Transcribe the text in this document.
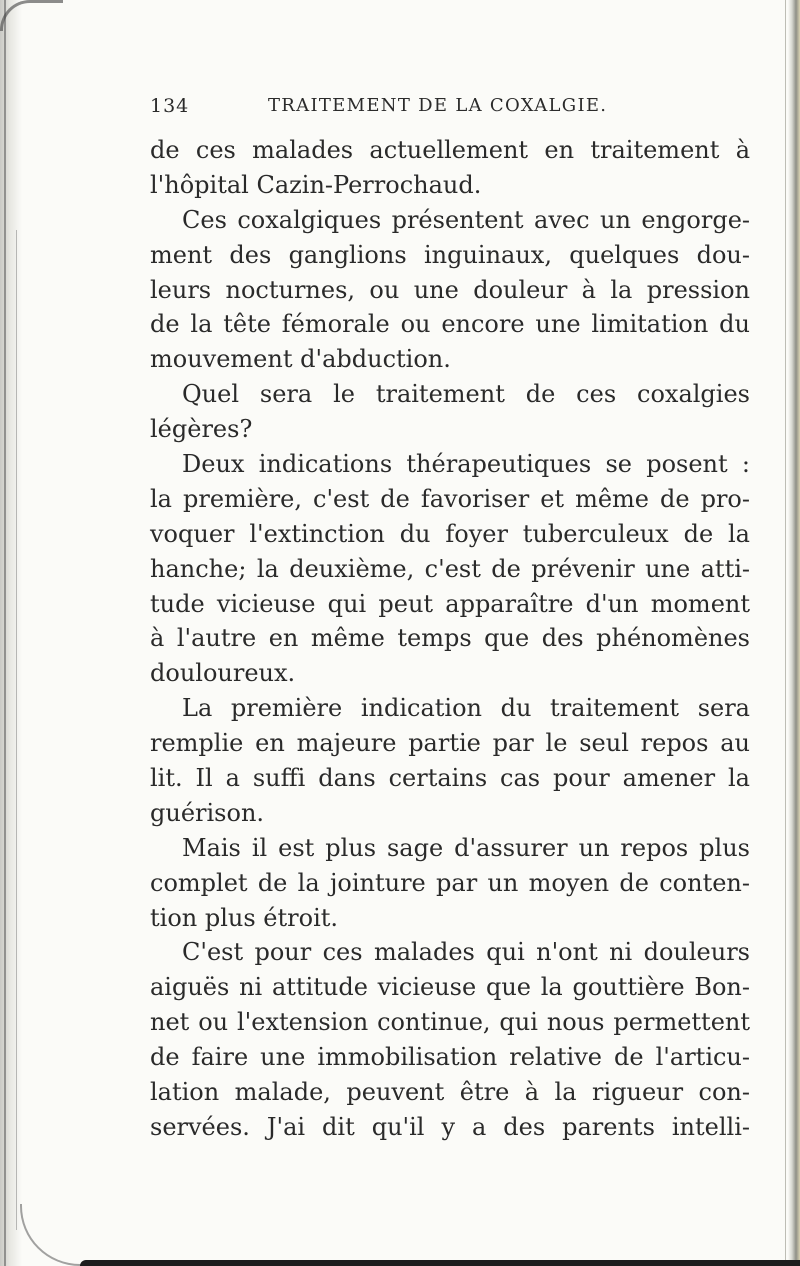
134	TRAITEMENT DE LA COXALGIE.
de ces malades actuellement en traitement à
l'hôpital Cazin-Perrochaud.
Ces coxalgiques présentent avec un engorge-
ment des ganglions inguinaux, quelques dou-
leurs nocturnes, ou une douleur à la pression
de la tête fémorale ou encore une limitation du
mouvement d'abduction.
Quel sera le traitement de ces coxalgies
légères?
Deux indications thérapeutiques se posent :
la première, c'est de favoriser et même de pro-
voquer l'extinction du foyer tuberculeux de la
hanche; la deuxième, c'est de prévenir une atti-
tude vicieuse qui peut apparaître d'un moment
à l'autre en même temps que des phénomènes
douloureux.
La première indication du traitement sera
remplie en majeure partie par le seul repos au
lit. Il a suffi dans certains cas pour amener la
guérison.
Mais il est plus sage d'assurer un repos plus
complet de la jointure par un moyen de conten-
tion plus étroit.
C'est pour ces malades qui n'ont ni douleurs
aiguës ni attitude vicieuse que la gouttière Bon-
net ou l'extension continue, qui nous permettent
de faire une immobilisation relative de l'articu-
lation malade, peuvent être à la rigueur con-
servées. J'ai dit qu'il y a des parents intelli-
